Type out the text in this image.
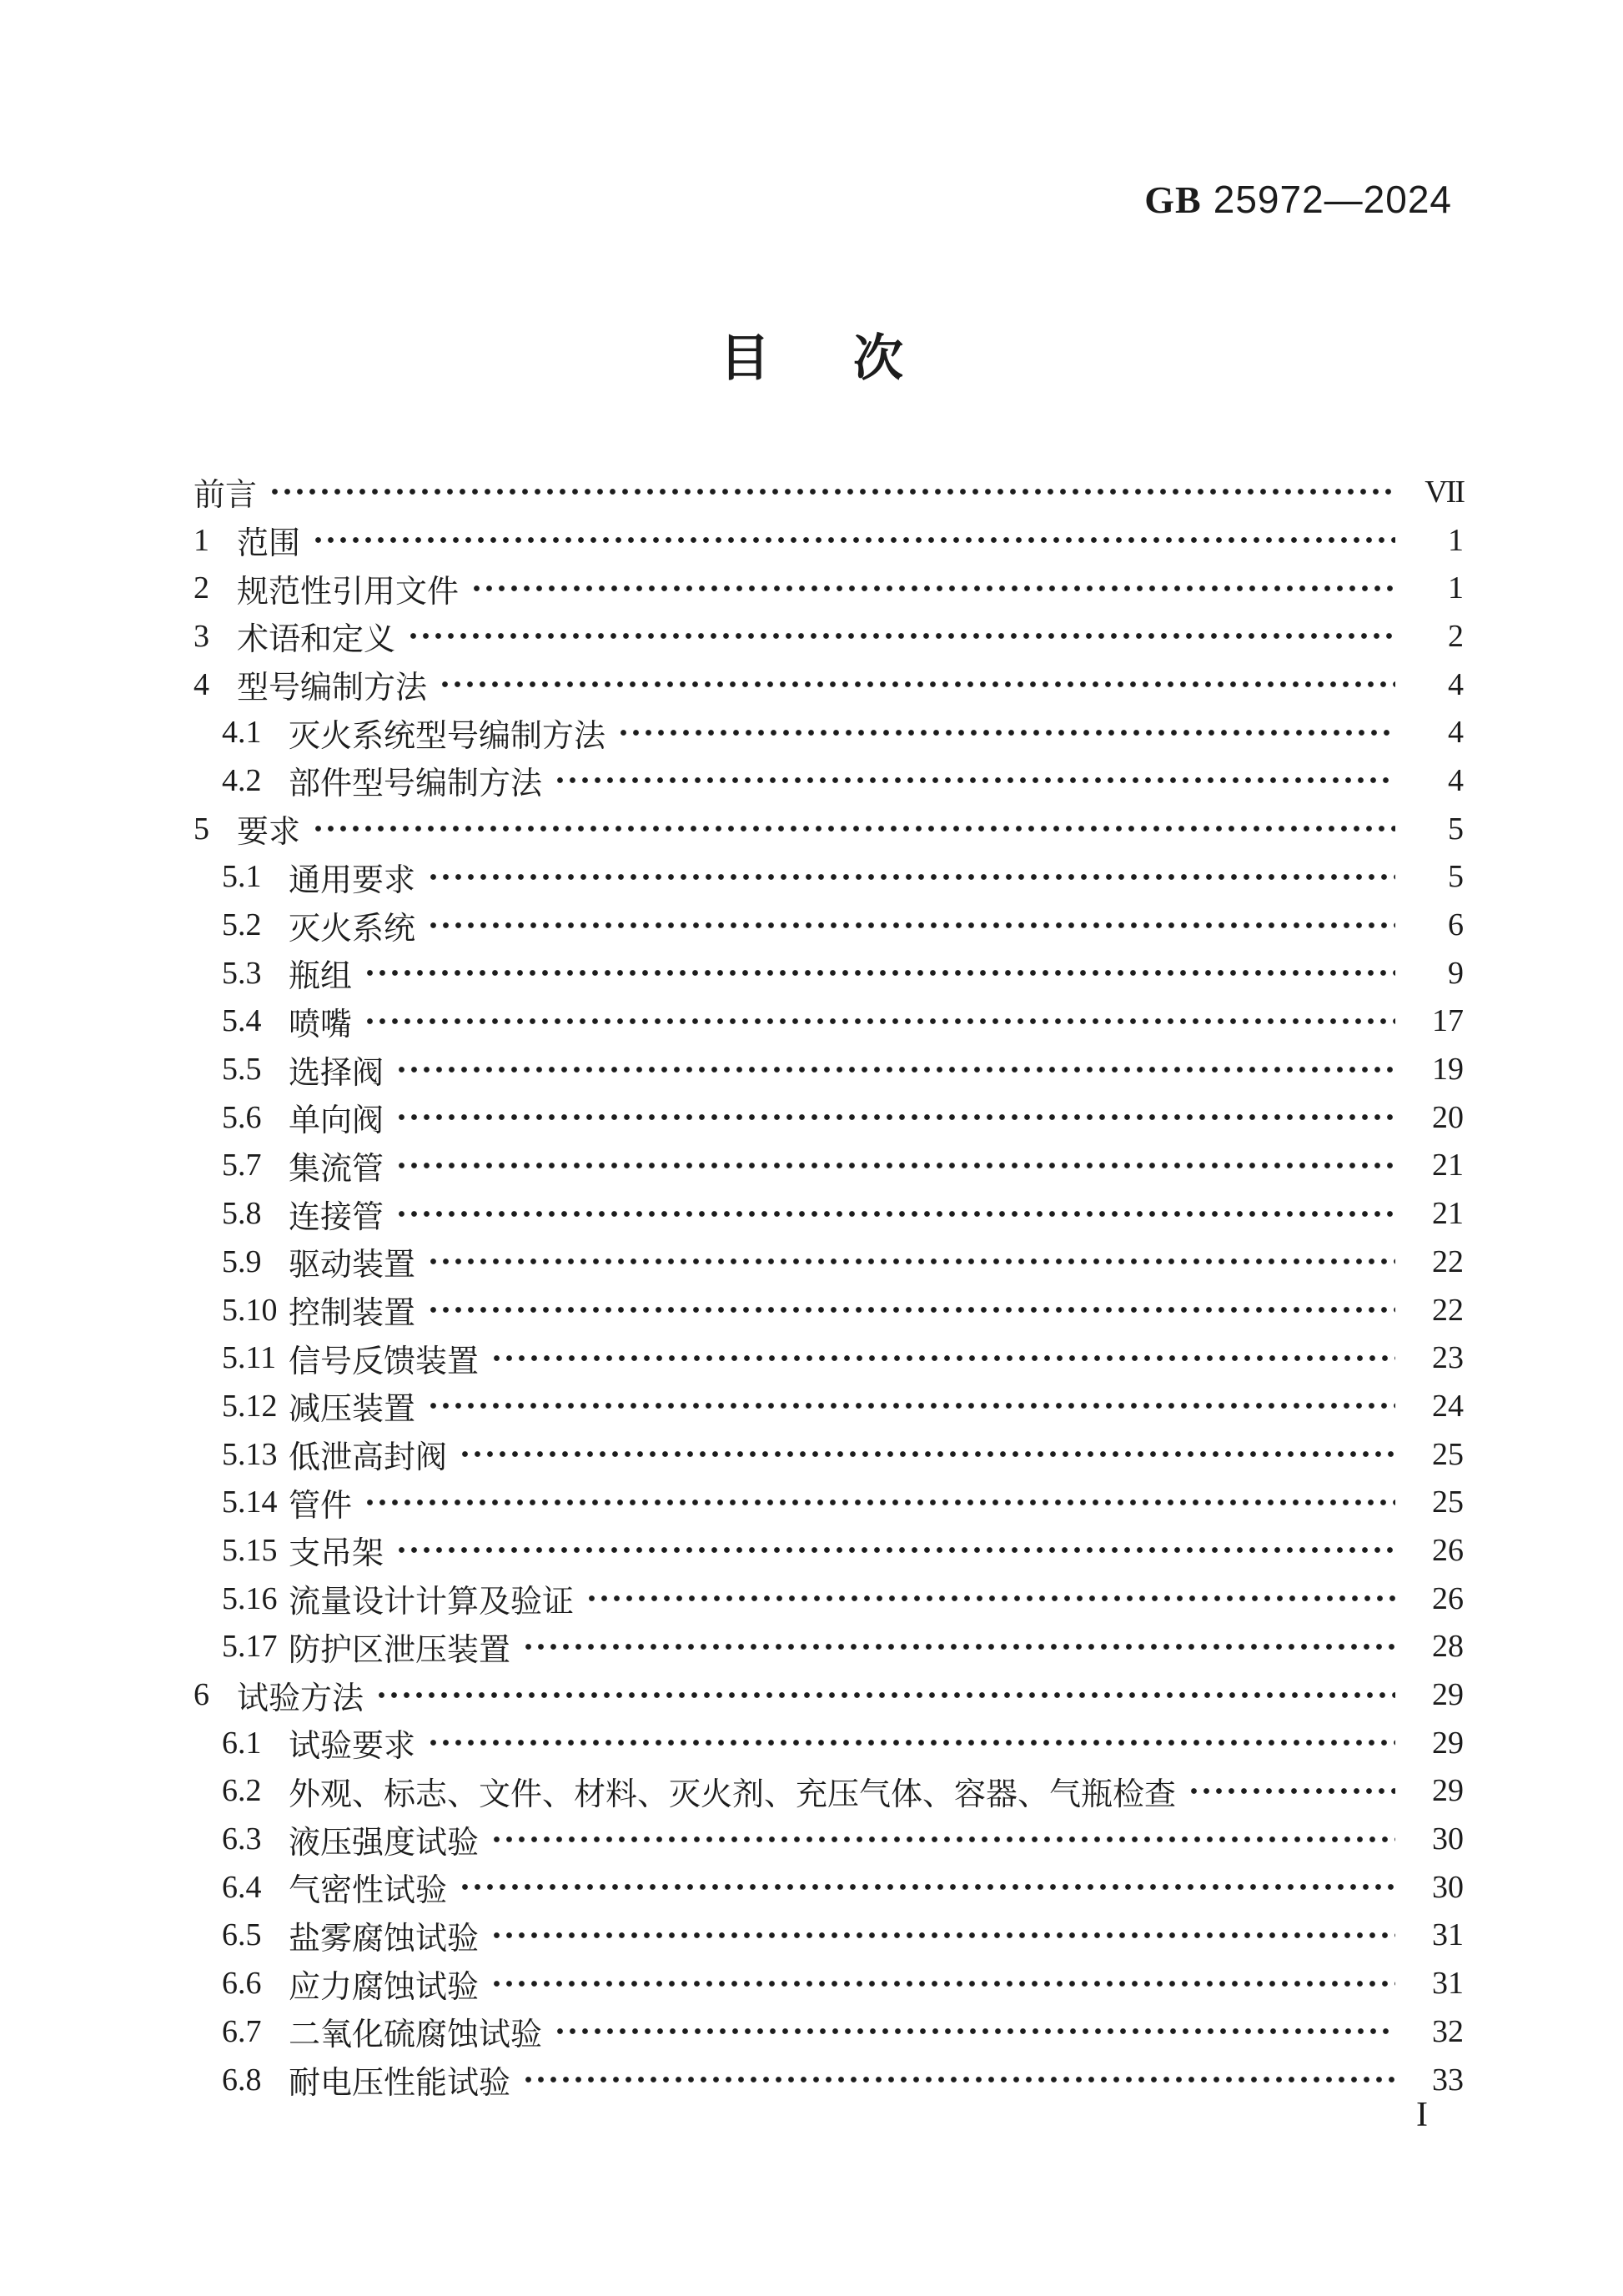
GB 25972—2024
目　次
前言	VII
1 范围	1
2 规范性引用文件	1
3 术语和定义	2
4 型号编制方法	4
4.1 灭火系统型号编制方法	4
4.2 部件型号编制方法	4
5 要求	5
5.1 通用要求	5
5.2 灭火系统	6
5.3 瓶组	9
5.4 喷嘴	17
5.5 选择阀	19
5.6 单向阀	20
5.7 集流管	21
5.8 连接管	21
5.9 驱动装置	22
5.10 控制装置	22
5.11 信号反馈装置	23
5.12 减压装置	24
5.13 低泄高封阀	25
5.14 管件	25
5.15 支吊架	26
5.16 流量设计计算及验证	26
5.17 防护区泄压装置	28
6 试验方法	29
6.1 试验要求	29
6.2 外观、标志、文件、材料、灭火剂、充压气体、容器、气瓶检查	29
6.3 液压强度试验	30
6.4 气密性试验	30
6.5 盐雾腐蚀试验	31
6.6 应力腐蚀试验	31
6.7 二氧化硫腐蚀试验	32
6.8 耐电压性能试验	33
I
